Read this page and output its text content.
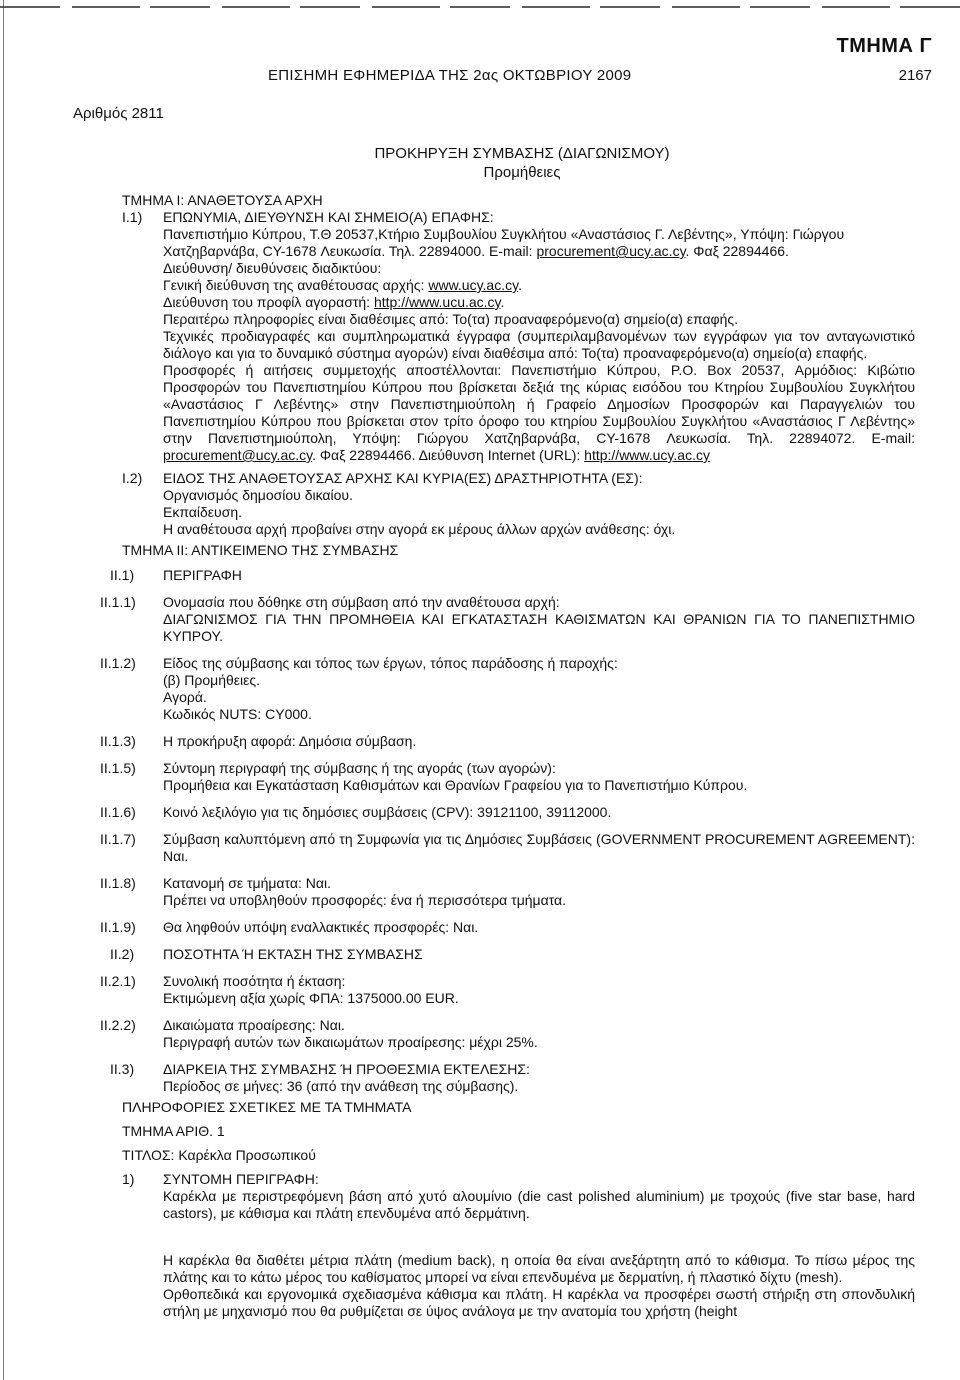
ΤΜΗΜΑ Γ
ΕΠΙΣΗΜΗ ΕΦΗΜΕΡΙΔΑ ΤΗΣ 2ας ΟΚΤΩΒΡΙΟΥ 2009	2167
Αριθμός 2811
ΠΡΟΚΗΡΥΞΗ ΣΥΜΒΑΣΗΣ (ΔΙΑΓΩΝΙΣΜΟΥ)
Προμήθειες
ΤΜΗΜΑ Ι: ΑΝΑΘΕΤΟΥΣΑ ΑΡΧΗ
Ι.1)	ΕΠΩΝΥΜΙΑ, ΔΙΕΥΘΥΝΣΗ ΚΑΙ ΣΗΜΕΙΟ(Α) ΕΠΑΦΗΣ:
Πανεπιστήμιο Κύπρου, Τ.Θ 20537,Κτήριο Συμβουλίου Συγκλήτου «Αναστάσιος Γ. Λεβέντης», Υπόψη: Γιώργου
Χατζηβαρνάβα, CY-1678 Λευκωσία. Τηλ. 22894000. E-mail: procurement@ucy.ac.cy. Φαξ 22894466.
Διεύθυνση/ διευθύνσεις διαδικτύου:
Γενική διεύθυνση της αναθέτουσας αρχής: www.ucy.ac.cy.
Διεύθυνση του προφίλ αγοραστή: http://www.ucu.ac.cy.
Περαιτέρω πληροφορίες είναι διαθέσιμες από: Το(τα) προαναφερόμενο(α) σημείο(α) επαφής.
Τεχνικές προδιαγραφές και συμπληρωματικά έγγραφα (συμπεριλαμβανομένων των εγγράφων για τον ανταγωνιστικό διάλογο και για το δυναμικό σύστημα αγορών) είναι διαθέσιμα από: Το(τα) προαναφερόμενο(α) σημείο(α) επαφής.
Προσφορές ή αιτήσεις συμμετοχής αποστέλλονται: Πανεπιστήμιο Κύπρου, P.O. Box 20537, Αρμόδιος: Κιβώτιο Προσφορών του Πανεπιστημίου Κύπρου που βρίσκεται δεξιά της κύριας εισόδου του Κτηρίου Συμβουλίου Συγκλήτου «Αναστάσιος Γ Λεβέντης» στην Πανεπιστημιούπολη ή Γραφείο Δημοσίων Προσφορών και Παραγγελιών του Πανεπιστημίου Κύπρου που βρίσκεται στον τρίτο όροφο του κτηρίου Συμβουλίου Συγκλήτου «Αναστάσιος Γ Λεβέντης» στην Πανεπιστημιούπολη, Υπόψη: Γιώργου Χατζηβαρνάβα, CY-1678 Λευκωσία. Τηλ. 22894072. E-mail: procurement@ucy.ac.cy. Φαξ 22894466. Διεύθυνση Internet (URL): http://www.ucy.ac.cy
Ι.2)	ΕΙΔΟΣ ΤΗΣ ΑΝΑΘΕΤΟΥΣΑΣ ΑΡΧΗΣ ΚΑΙ ΚΥΡΙΑ(ΕΣ) ΔΡΑΣΤΗΡΙΟΤΗΤΑ (ΕΣ):
Οργανισμός δημοσίου δικαίου.
Εκπαίδευση.
Η αναθέτουσα αρχή προβαίνει στην αγορά εκ μέρους άλλων αρχών ανάθεσης: όχι.
ΤΜΗΜΑ ΙΙ: ΑΝΤΙΚΕΙΜΕΝΟ ΤΗΣ ΣΥΜΒΑΣΗΣ
ΙΙ.1)	ΠΕΡΙΓΡΑΦΗ
ΙΙ.1.1)	Ονομασία που δόθηκε στη σύμβαση από την αναθέτουσα αρχή:
ΔΙΑΓΩΝΙΣΜΟΣ ΓΙΑ ΤΗΝ ΠΡΟΜΗΘΕΙΑ ΚΑΙ ΕΓΚΑΤΑΣΤΑΣΗ ΚΑΘΙΣΜΑΤΩΝ ΚΑΙ ΘΡΑΝΙΩΝ ΓΙΑ ΤΟ ΠΑΝΕΠΙΣΤΗΜΙΟ ΚΥΠΡΟΥ.
ΙΙ.1.2)	Είδος της σύμβασης και τόπος των έργων, τόπος παράδοσης ή παροχής:
(β) Προμήθειες.
Αγορά.
Κωδικός NUTS: CY000.
ΙΙ.1.3)	Η προκήρυξη αφορά: Δημόσια σύμβαση.
ΙΙ.1.5)	Σύντομη περιγραφή της σύμβασης ή της αγοράς (των αγορών):
Προμήθεια και Εγκατάσταση Καθισμάτων και Θρανίων Γραφείου για το Πανεπιστήμιο Κύπρου.
ΙΙ.1.6)	Κοινό λεξιλόγιο για τις δημόσιες συμβάσεις (CPV): 39121100, 39112000.
ΙΙ.1.7)	Σύμβαση καλυπτόμενη από τη Συμφωνία για τις Δημόσιες Συμβάσεις (GOVERNMENT PROCUREMENT AGREEMENT): Ναι.
ΙΙ.1.8)	Κατανομή σε τμήματα: Ναι.
Πρέπει να υποβληθούν προσφορές: ένα ή περισσότερα τμήματα.
ΙΙ.1.9)	Θα ληφθούν υπόψη εναλλακτικές προσφορές: Ναι.
ΙΙ.2)	ΠΟΣΟΤΗΤΑ Ή ΕΚΤΑΣΗ ΤΗΣ ΣΥΜΒΑΣΗΣ
ΙΙ.2.1)	Συνολική ποσότητα ή έκταση:
Εκτιμώμενη αξία χωρίς ΦΠΑ: 1375000.00 EUR.
ΙΙ.2.2)	Δικαιώματα προαίρεσης: Ναι.
Περιγραφή αυτών των δικαιωμάτων προαίρεσης: μέχρι 25%.
ΙΙ.3)	ΔΙΑΡΚΕΙΑ ΤΗΣ ΣΥΜΒΑΣΗΣ Ή ΠΡΟΘΕΣΜΙΑ ΕΚΤΕΛΕΣΗΣ:
Περίοδος σε μήνες: 36 (από την ανάθεση της σύμβασης).
ΠΛΗΡΟΦΟΡΙΕΣ ΣΧΕΤΙΚΕΣ ΜΕ ΤΑ ΤΜΗΜΑΤΑ
ΤΜΗΜΑ ΑΡΙΘ. 1
ΤΙΤΛΟΣ: Καρέκλα Προσωπικού
1)	ΣΥΝΤΟΜΗ ΠΕΡΙΓΡΑΦΗ:
Καρέκλα με περιστρεφόμενη βάση από χυτό αλουμίνιο (die cast polished aluminium) με τροχούς (five star base, hard castors), με κάθισμα και πλάτη επενδυμένα από δερμάτινη.
Η καρέκλα θα διαθέτει μέτρια πλάτη (medium back), η οποία θα είναι ανεξάρτητη από το κάθισμα. Το πίσω μέρος της πλάτης και το κάτω μέρος του καθίσματος μπορεί να είναι επενδυμένα με δερματίνη, ή πλαστικό δίχτυ (mesh).
Ορθοπεδικά και εργονομικά σχεδιασμένα κάθισμα και πλάτη. Η καρέκλα να προσφέρει σωστή στήριξη στη σπονδυλική στήλη με μηχανισμό που θα ρυθμίζεται σε ύψος ανάλογα με την ανατομία του χρήστη (height
